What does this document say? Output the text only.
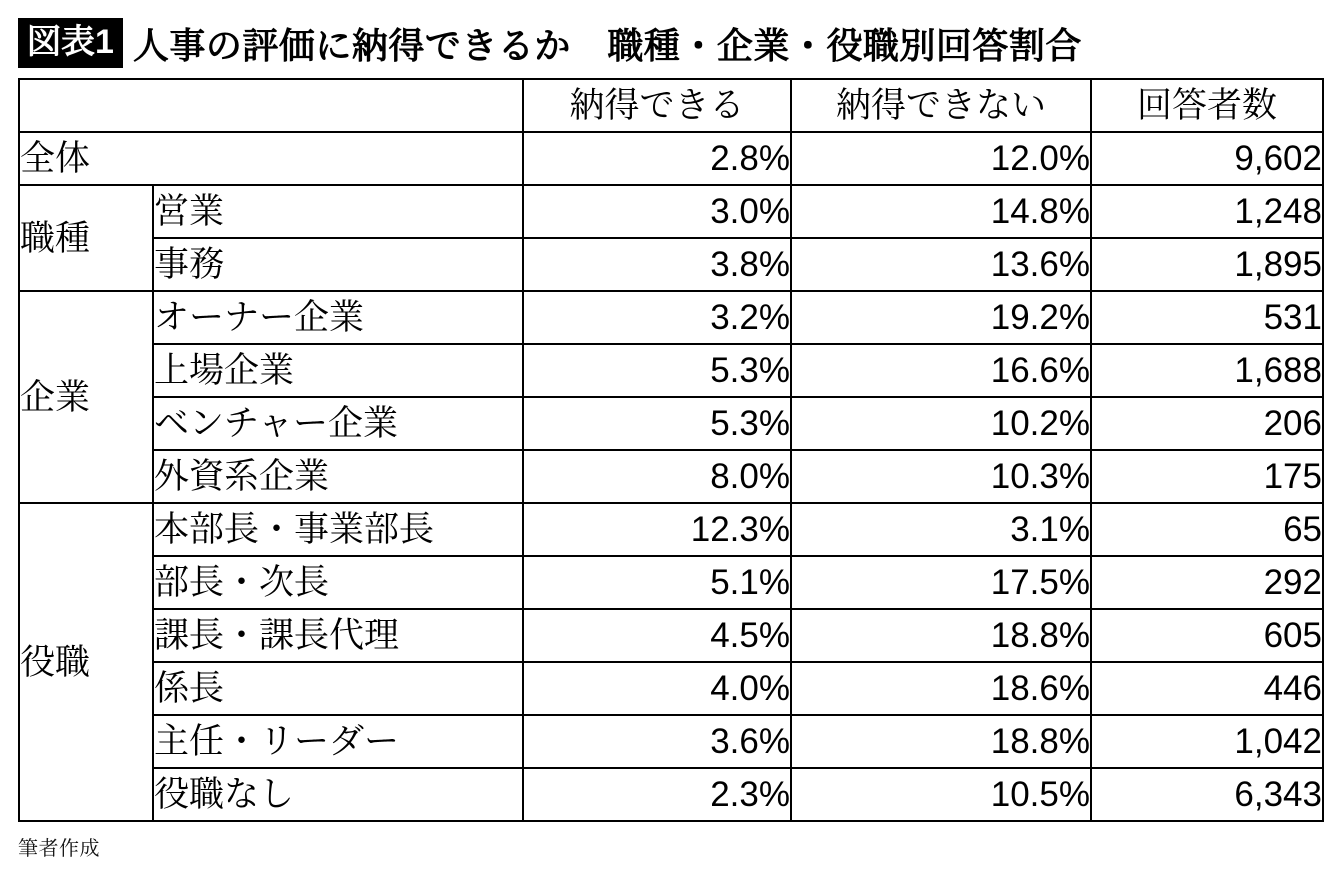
図表1 人事の評価に納得できるか　職種・企業・役職別回答割合
		納得できる	納得できない	回答者数
全体		2.8%	12.0%	9,602
職種	営業	3.0%	14.8%	1,248
	事務	3.8%	13.6%	1,895
企業	オーナー企業	3.2%	19.2%	531
	上場企業	5.3%	16.6%	1,688
	ベンチャー企業	5.3%	10.2%	206
	外資系企業	8.0%	10.3%	175
役職	本部長・事業部長	12.3%	3.1%	65
	部長・次長	5.1%	17.5%	292
	課長・課長代理	4.5%	18.8%	605
	係長	4.0%	18.6%	446
	主任・リーダー	3.6%	18.8%	1,042
	役職なし	2.3%	10.5%	6,343
筆者作成
